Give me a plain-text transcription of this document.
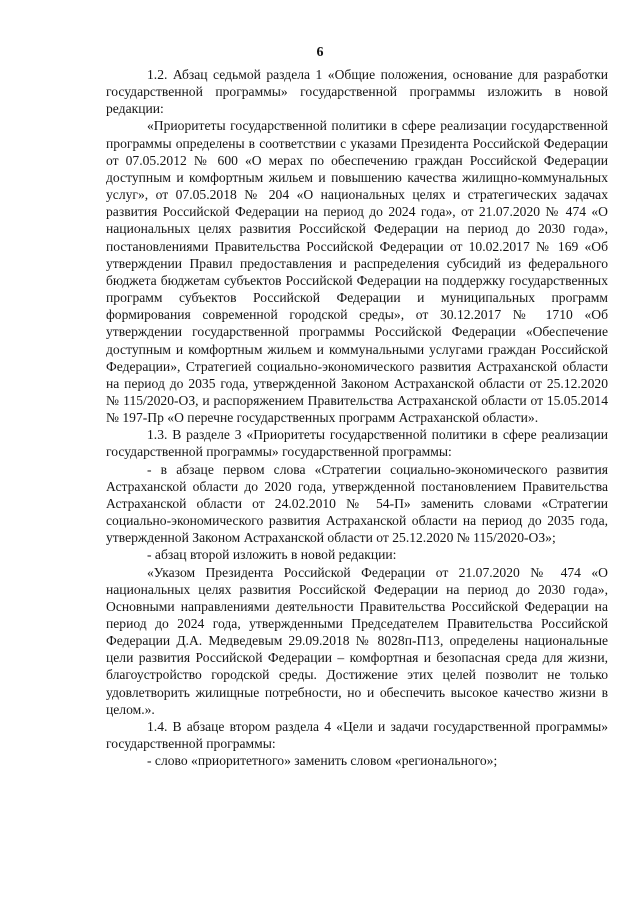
6

1.2. Абзац седьмой раздела 1 «Общие положения, основание для разработки государственной программы» государственной программы изложить в новой редакции:

«Приоритеты государственной политики в сфере реализации государственной программы определены в соответствии с указами Президента Российской Федерации от 07.05.2012 № 600 «О мерах по обеспечению граждан Российской Федерации доступным и комфортным жильем и повышению качества жилищно-коммунальных услуг», от 07.05.2018 № 204 «О национальных целях и стратегических задачах развития Российской Федерации на период до 2024 года», от 21.07.2020 № 474 «О национальных целях развития Российской Федерации на период до 2030 года», постановлениями Правительства Российской Федерации от 10.02.2017 № 169 «Об утверждении Правил предоставления и распределения субсидий из федерального бюджета бюджетам субъектов Российской Федерации на поддержку государственных программ субъектов Российской Федерации и муниципальных программ формирования современной городской среды», от 30.12.2017 № 1710 «Об утверждении государственной программы Российской Федерации «Обеспечение доступным и комфортным жильем и коммунальными услугами граждан Российской Федерации», Стратегией социально-экономического развития Астраханской области на период до 2035 года, утвержденной Законом Астраханской области от 25.12.2020 № 115/2020-ОЗ, и распоряжением Правительства Астраханской области от 15.05.2014 № 197-Пр «О перечне государственных программ Астраханской области».

1.3. В разделе 3 «Приоритеты государственной политики в сфере реализации государственной программы» государственной программы:

- в абзаце первом слова «Стратегии социально-экономического развития Астраханской области до 2020 года, утвержденной постановлением Правительства Астраханской области от 24.02.2010 № 54-П» заменить словами «Стратегии социально-экономического развития Астраханской области на период до 2035 года, утвержденной Законом Астраханской области от 25.12.2020 № 115/2020-ОЗ»;

- абзац второй изложить в новой редакции:

«Указом Президента Российской Федерации от 21.07.2020 № 474 «О национальных целях развития Российской Федерации на период до 2030 года», Основными направлениями деятельности Правительства Российской Федерации на период до 2024 года, утвержденными Председателем Правительства Российской Федерации Д.А. Медведевым 29.09.2018 № 8028п-П13, определены национальные цели развития Российской Федерации – комфортная и безопасная среда для жизни, благоустройство городской среды. Достижение этих целей позволит не только удовлетворить жилищные потребности, но и обеспечить высокое качество жизни в целом.».

1.4. В абзаце втором раздела 4 «Цели и задачи государственной программы» государственной программы:

- слово «приоритетного» заменить словом «регионального»;
